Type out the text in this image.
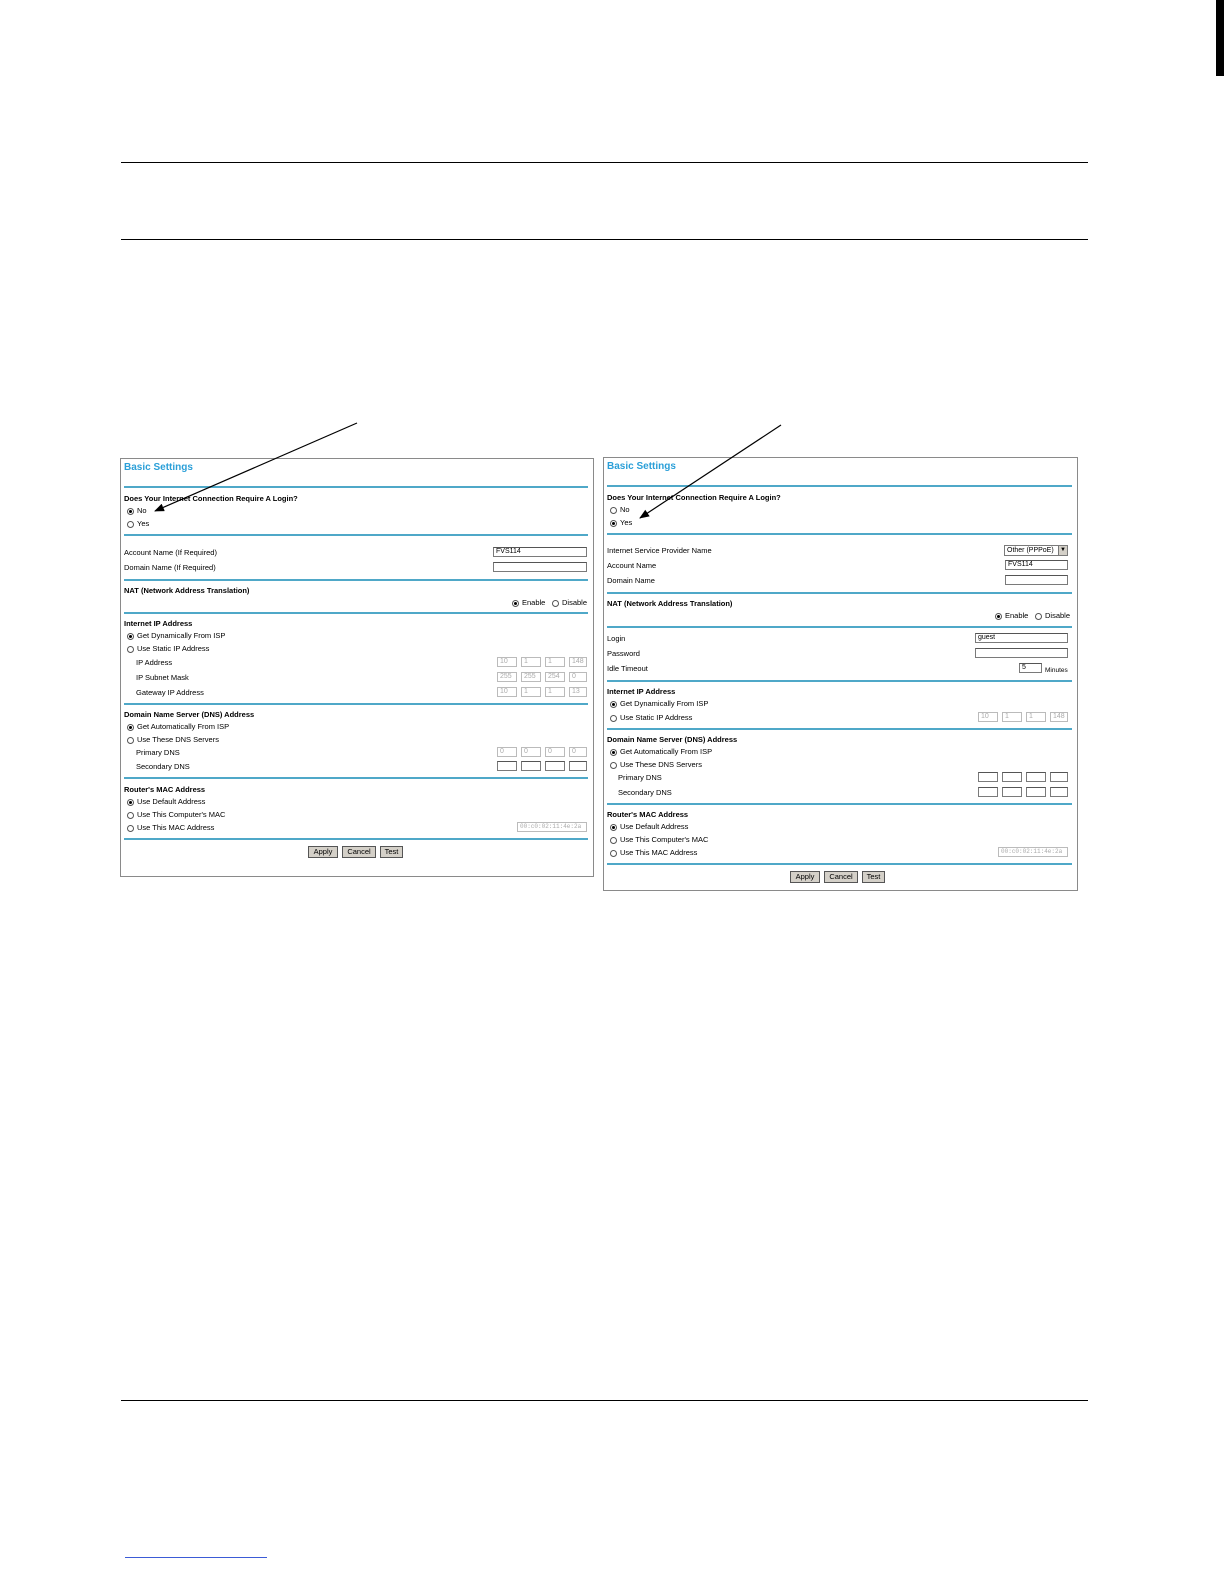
Basic Settings
Does Your Internet Connection Require A Login?
No
Yes
Account Name (If Required)	FVS114
Domain Name (If Required)
NAT (Network Address Translation)
Enable	Disable
Internet IP Address
Get Dynamically From ISP
Use Static IP Address
IP Address	10	1	1	148
IP Subnet Mask	255	255	254	0
Gateway IP Address	10	1	1	13
Domain Name Server (DNS) Address
Get Automatically From ISP
Use These DNS Servers
Primary DNS	0	0	0	0
Secondary DNS
Router's MAC Address
Use Default Address
Use This Computer's MAC
Use This MAC Address	00:c0:02:11:4e:2a
Apply	Cancel	Test
Basic Settings
Does Your Internet Connection Require A Login?
No
Yes
Internet Service Provider Name	Other (PPPoE)	▼
Account Name	FVS114
Domain Name
NAT (Network Address Translation)
Enable	Disable
Login	guest
Password
Idle Timeout	5	Minutes
Internet IP Address
Get Dynamically From ISP
Use Static IP Address	10	1	1	148
Domain Name Server (DNS) Address
Get Automatically From ISP
Use These DNS Servers
Primary DNS
Secondary DNS
Router's MAC Address
Use Default Address
Use This Computer's MAC
Use This MAC Address	00:c0:02:11:4e:2a
Apply	Cancel	Test
